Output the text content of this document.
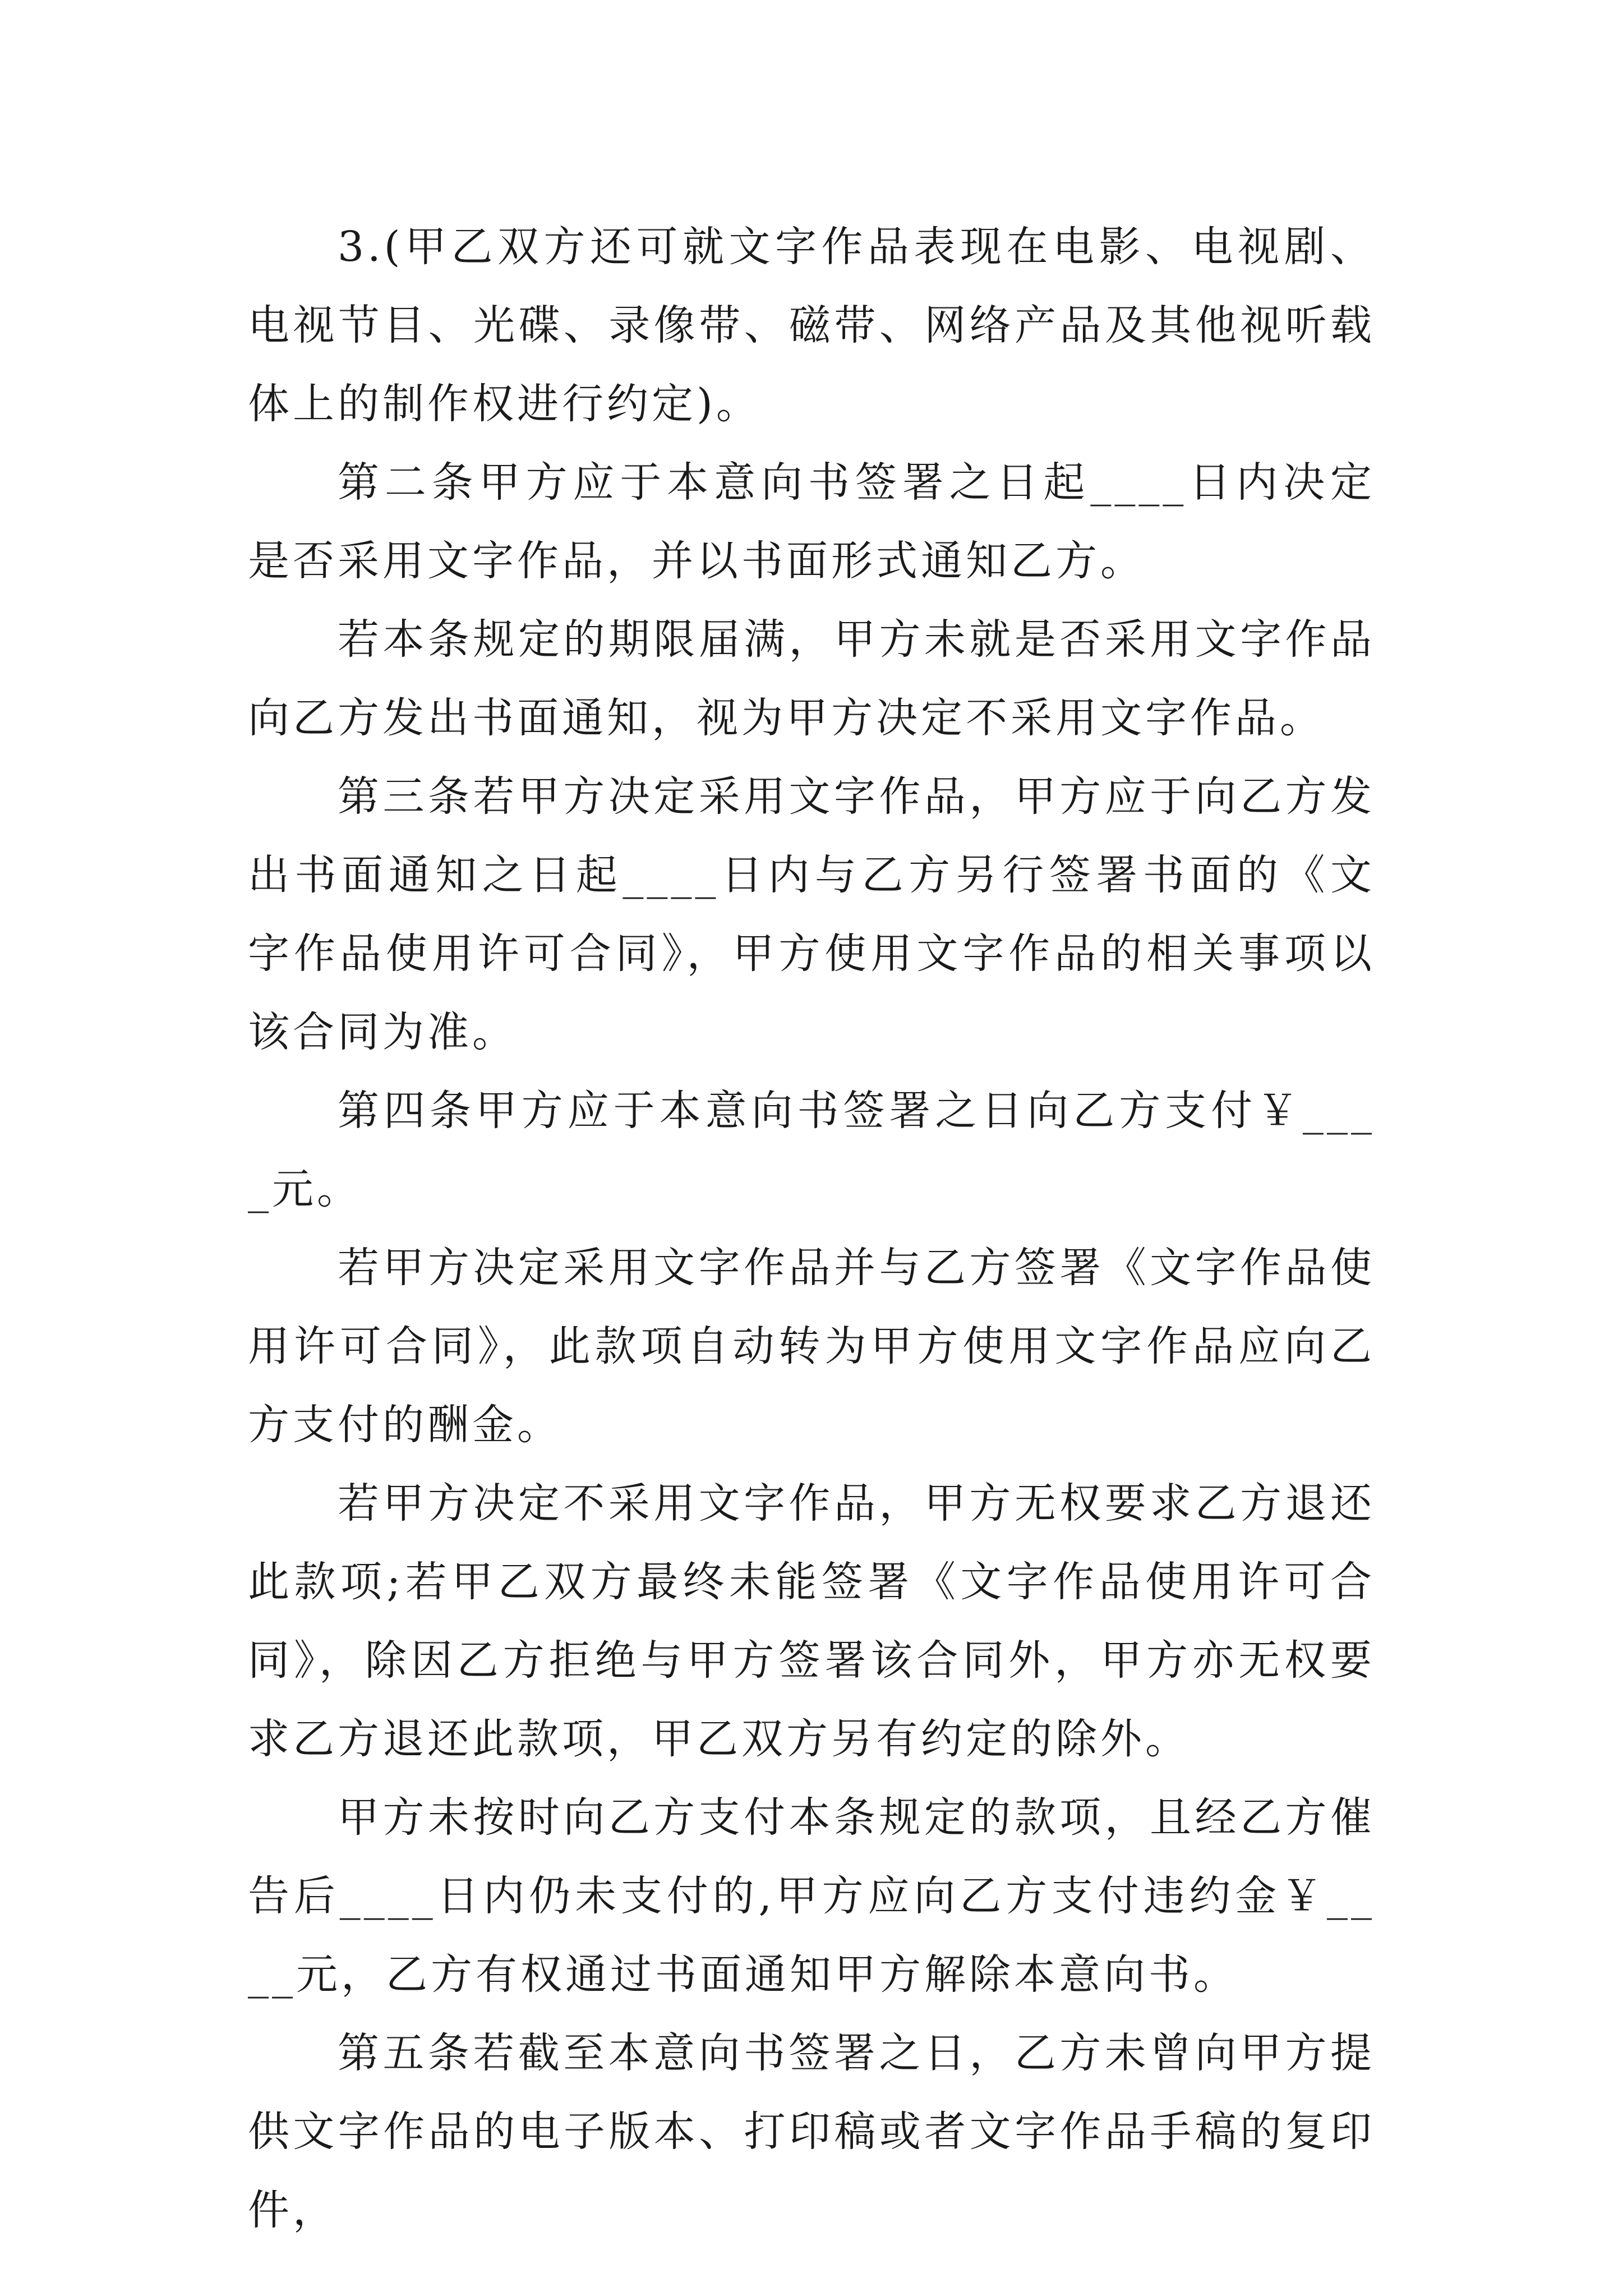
3.(甲乙双方还可就文字作品表现在电影、电视剧、电视节目、光碟、录像带、磁带、网络产品及其他视听载体上的制作权进行约定)。

第二条甲方应于本意向书签署之日起____日内决定是否采用文字作品，并以书面形式通知乙方。

若本条规定的期限届满，甲方未就是否采用文字作品向乙方发出书面通知，视为甲方决定不采用文字作品。

第三条若甲方决定采用文字作品，甲方应于向乙方发出书面通知之日起____日内与乙方另行签署书面的《文字作品使用许可合同》，甲方使用文字作品的相关事项以该合同为准。

第四条甲方应于本意向书签署之日向乙方支付￥____元。

若甲方决定采用文字作品并与乙方签署《文字作品使用许可合同》，此款项自动转为甲方使用文字作品应向乙方支付的酬金。

若甲方决定不采用文字作品，甲方无权要求乙方退还此款项;若甲乙双方最终未能签署《文字作品使用许可合同》，除因乙方拒绝与甲方签署该合同外，甲方亦无权要求乙方退还此款项，甲乙双方另有约定的除外。

甲方未按时向乙方支付本条规定的款项，且经乙方催告后____日内仍未支付的,甲方应向乙方支付违约金￥____元，乙方有权通过书面通知甲方解除本意向书。

第五条若截至本意向书签署之日，乙方未曾向甲方提供文字作品的电子版本、打印稿或者文字作品手稿的复印件，
